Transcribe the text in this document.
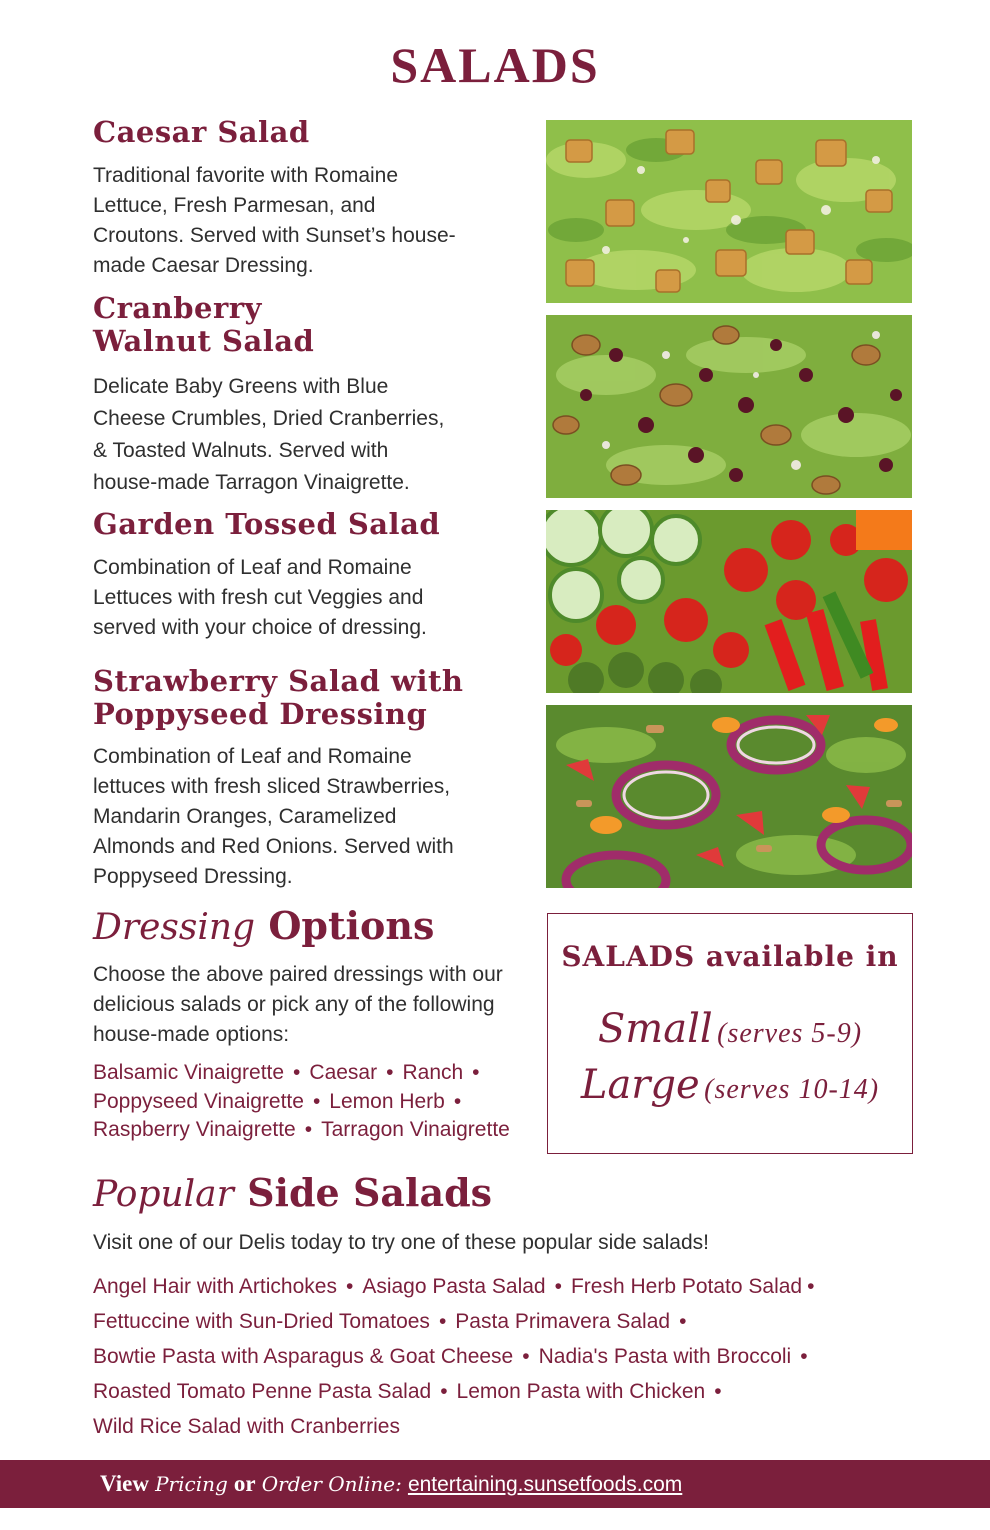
SALADS
Caesar Salad
Traditional favorite with Romaine
Lettuce, Fresh Parmesan, and
Croutons. Served with Sunset’s house-
made Caesar Dressing.
Cranberry
Walnut Salad
Delicate Baby Greens with Blue
Cheese Crumbles, Dried Cranberries,
& Toasted Walnuts. Served with
house-made Tarragon Vinaigrette.
Garden Tossed Salad
Combination of Leaf and Romaine
Lettuces with fresh cut Veggies and
served with your choice of dressing.
Strawberry Salad with
Poppyseed Dressing
Combination of Leaf and Romaine
lettuces with fresh sliced Strawberries,
Mandarin Oranges, Caramelized
Almonds and Red Onions. Served with
Poppyseed Dressing.
Dressing Options
Choose the above paired dressings with our
delicious salads or pick any of the following
house-made options:
Balsamic Vinaigrette • Caesar • Ranch •
Poppyseed Vinaigrette • Lemon Herb •
Raspberry Vinaigrette • Tarragon Vinaigrette

SALADS available in

Small (serves 5-9)

Large (serves 10-14)

Popular Side Salads

Visit one of our Delis today to try one of these popular side salads!

Angel Hair with Artichokes • Asiago Pasta Salad • Fresh Herb Potato Salad •
Fettuccine with Sun-Dried Tomatoes • Pasta Primavera Salad •
Bowtie Pasta with Asparagus & Goat Cheese • Nadia's Pasta with Broccoli •
Roasted Tomato Penne Pasta Salad • Lemon Pasta with Chicken •
Wild Rice Salad with Cranberries
View Pricing or Order Online: entertaining.sunsetfoods.com
